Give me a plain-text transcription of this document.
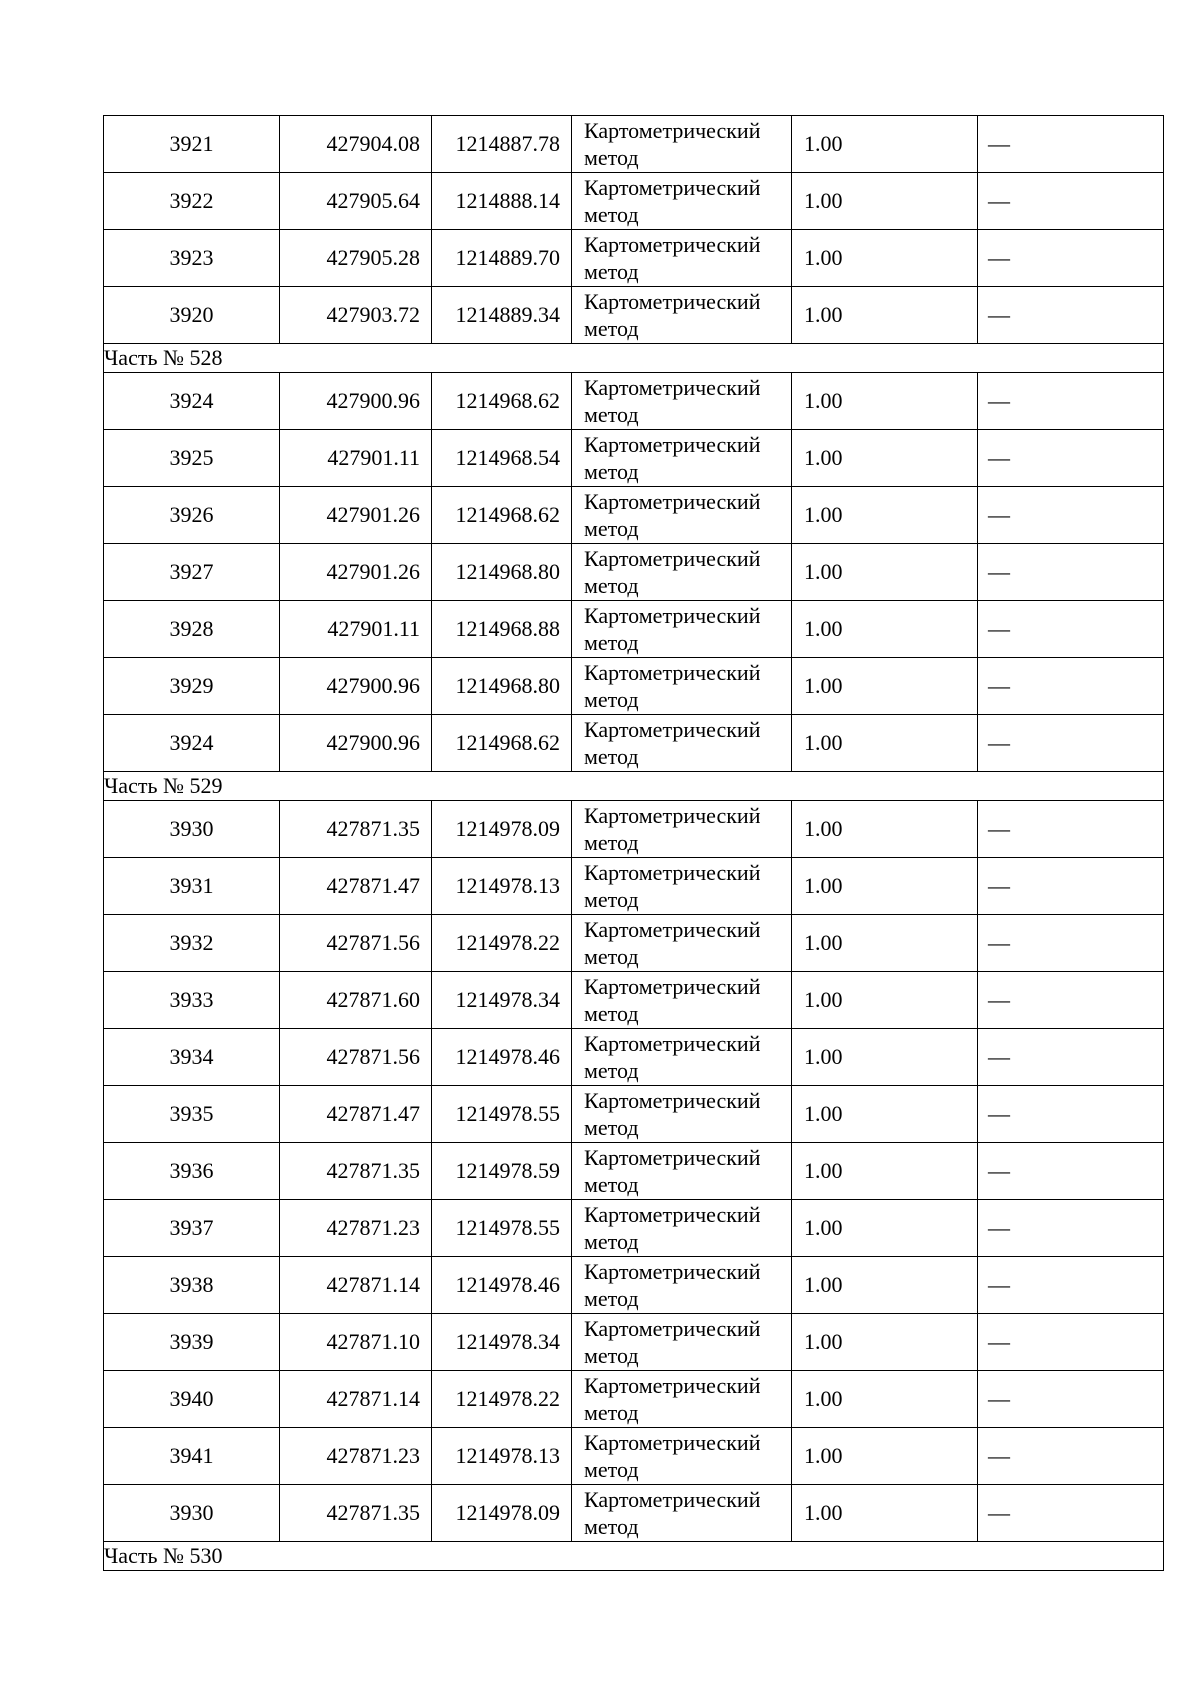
3921	427904.08	1214887.78	Картометрический метод	1.00	—
3922	427905.64	1214888.14	Картометрический метод	1.00	—
3923	427905.28	1214889.70	Картометрический метод	1.00	—
3920	427903.72	1214889.34	Картометрический метод	1.00	—
Часть № 528					
3924	427900.96	1214968.62	Картометрический метод	1.00	—
3925	427901.11	1214968.54	Картометрический метод	1.00	—
3926	427901.26	1214968.62	Картометрический метод	1.00	—
3927	427901.26	1214968.80	Картометрический метод	1.00	—
3928	427901.11	1214968.88	Картометрический метод	1.00	—
3929	427900.96	1214968.80	Картометрический метод	1.00	—
3924	427900.96	1214968.62	Картометрический метод	1.00	—
Часть № 529					
3930	427871.35	1214978.09	Картометрический метод	1.00	—
3931	427871.47	1214978.13	Картометрический метод	1.00	—
3932	427871.56	1214978.22	Картометрический метод	1.00	—
3933	427871.60	1214978.34	Картометрический метод	1.00	—
3934	427871.56	1214978.46	Картометрический метод	1.00	—
3935	427871.47	1214978.55	Картометрический метод	1.00	—
3936	427871.35	1214978.59	Картометрический метод	1.00	—
3937	427871.23	1214978.55	Картометрический метод	1.00	—
3938	427871.14	1214978.46	Картометрический метод	1.00	—
3939	427871.10	1214978.34	Картометрический метод	1.00	—
3940	427871.14	1214978.22	Картометрический метод	1.00	—
3941	427871.23	1214978.13	Картометрический метод	1.00	—
3930	427871.35	1214978.09	Картометрический метод	1.00	—
Часть № 530					
